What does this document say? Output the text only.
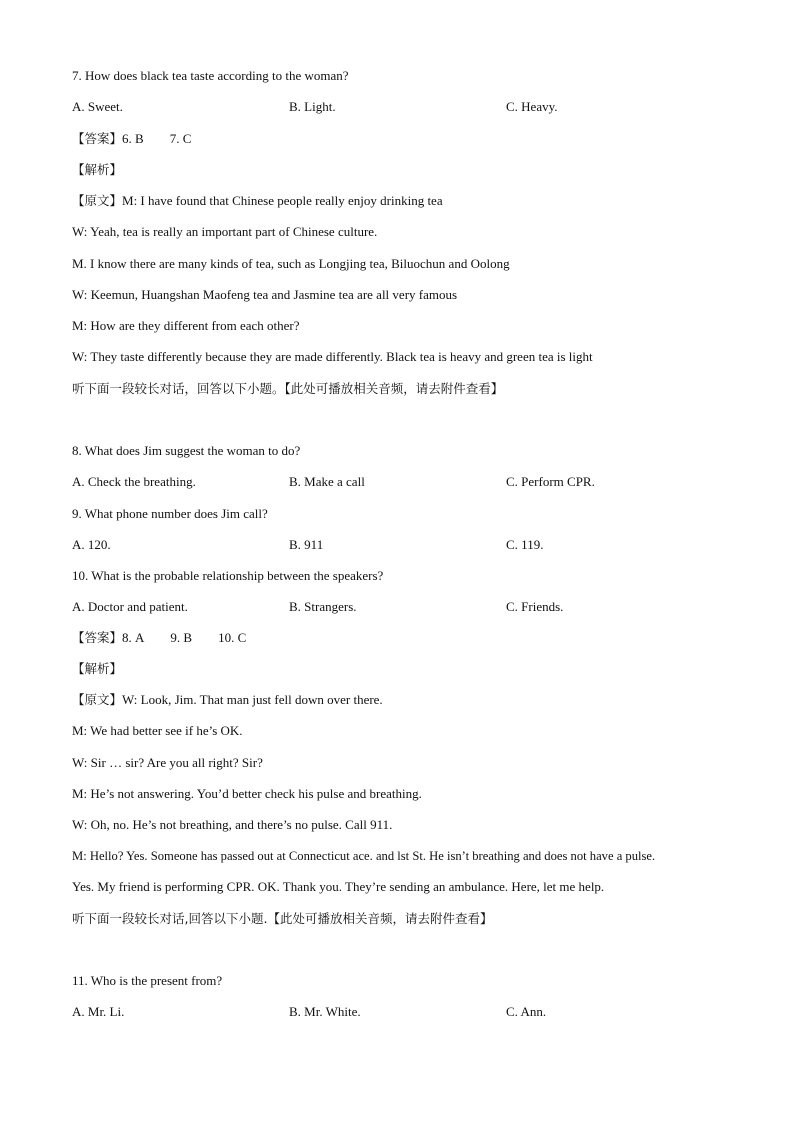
7. How does black tea taste according to the woman?
A. Sweet.	B. Light.	C. Heavy.
【答案】6. B 7. C
【解析】
【原文】M: I have found that Chinese people really enjoy drinking tea
W: Yeah, tea is really an important part of Chinese culture.
M. I know there are many kinds of tea, such as Longjing tea, Biluochun and Oolong
W: Keemun, Huangshan Maofeng tea and Jasmine tea are all very famous
M: How are they different from each other?
W: They taste differently because they are made differently. Black tea is heavy and green tea is light
听下面一段较长对话，回答以下小题。【此处可播放相关音频，请去附件查看】
8. What does Jim suggest the woman to do?
A. Check the breathing.	B. Make a call	C. Perform CPR.
9. What phone number does Jim call?
A. 120.	B. 911	C. 119.
10. What is the probable relationship between the speakers?
A. Doctor and patient.	B. Strangers.	C. Friends.
【答案】8. A 9. B 10. C
【解析】
【原文】W: Look, Jim. That man just fell down over there.
M: We had better see if he’s OK.
W: Sir … sir? Are you all right? Sir?
M: He’s not answering. You’d better check his pulse and breathing.
W: Oh, no. He’s not breathing, and there’s no pulse. Call 911.
M: Hello? Yes. Someone has passed out at Connecticut ace. and lst St. He isn’t breathing and does not have a pulse.
Yes. My friend is performing CPR. OK. Thank you. They’re sending an ambulance. Here, let me help.
听下面一段较长对话,回答以下小题.【此处可播放相关音频，请去附件查看】
11. Who is the present from?
A. Mr. Li.	B. Mr. White.	C. Ann.
